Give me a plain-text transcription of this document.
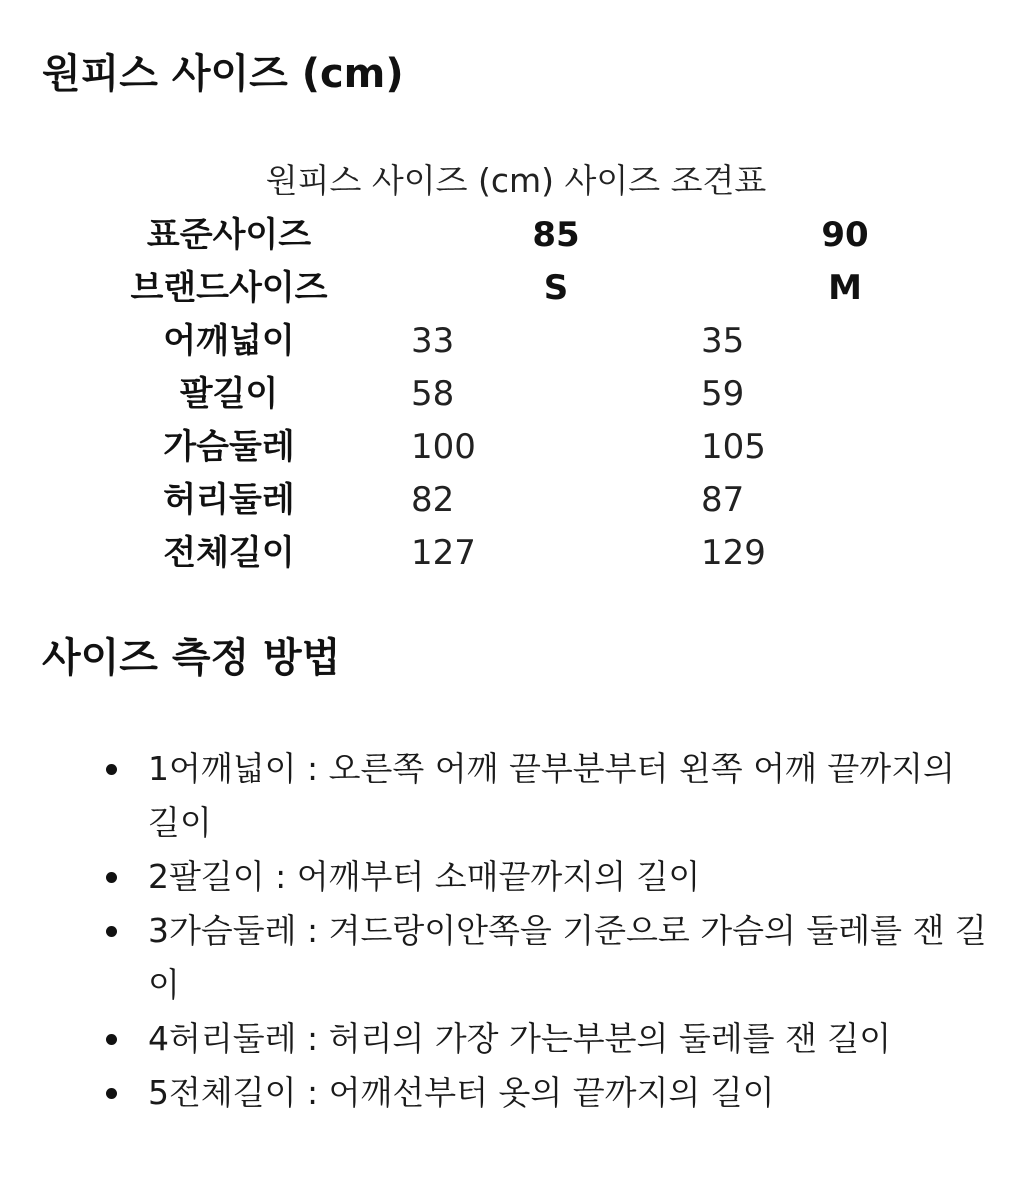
원피스 사이즈 (cm)
원피스 사이즈 (cm) 사이즈 조견표
표준사이즈	85	90
브랜드사이즈	S	M
어깨넓이	33	35
팔길이	58	59
가슴둘레	100	105
허리둘레	82	87
전체길이	127	129
사이즈 측정 방법
1어깨넓이 : 오른쪽 어깨 끝부분부터 왼쪽 어깨 끝까지의 길이
2팔길이 : 어깨부터 소매끝까지의 길이
3가슴둘레 : 겨드랑이안쪽을 기준으로 가슴의 둘레를 잰 길이
4허리둘레 : 허리의 가장 가는부분의 둘레를 잰 길이
5전체길이 : 어깨선부터 옷의 끝까지의 길이
